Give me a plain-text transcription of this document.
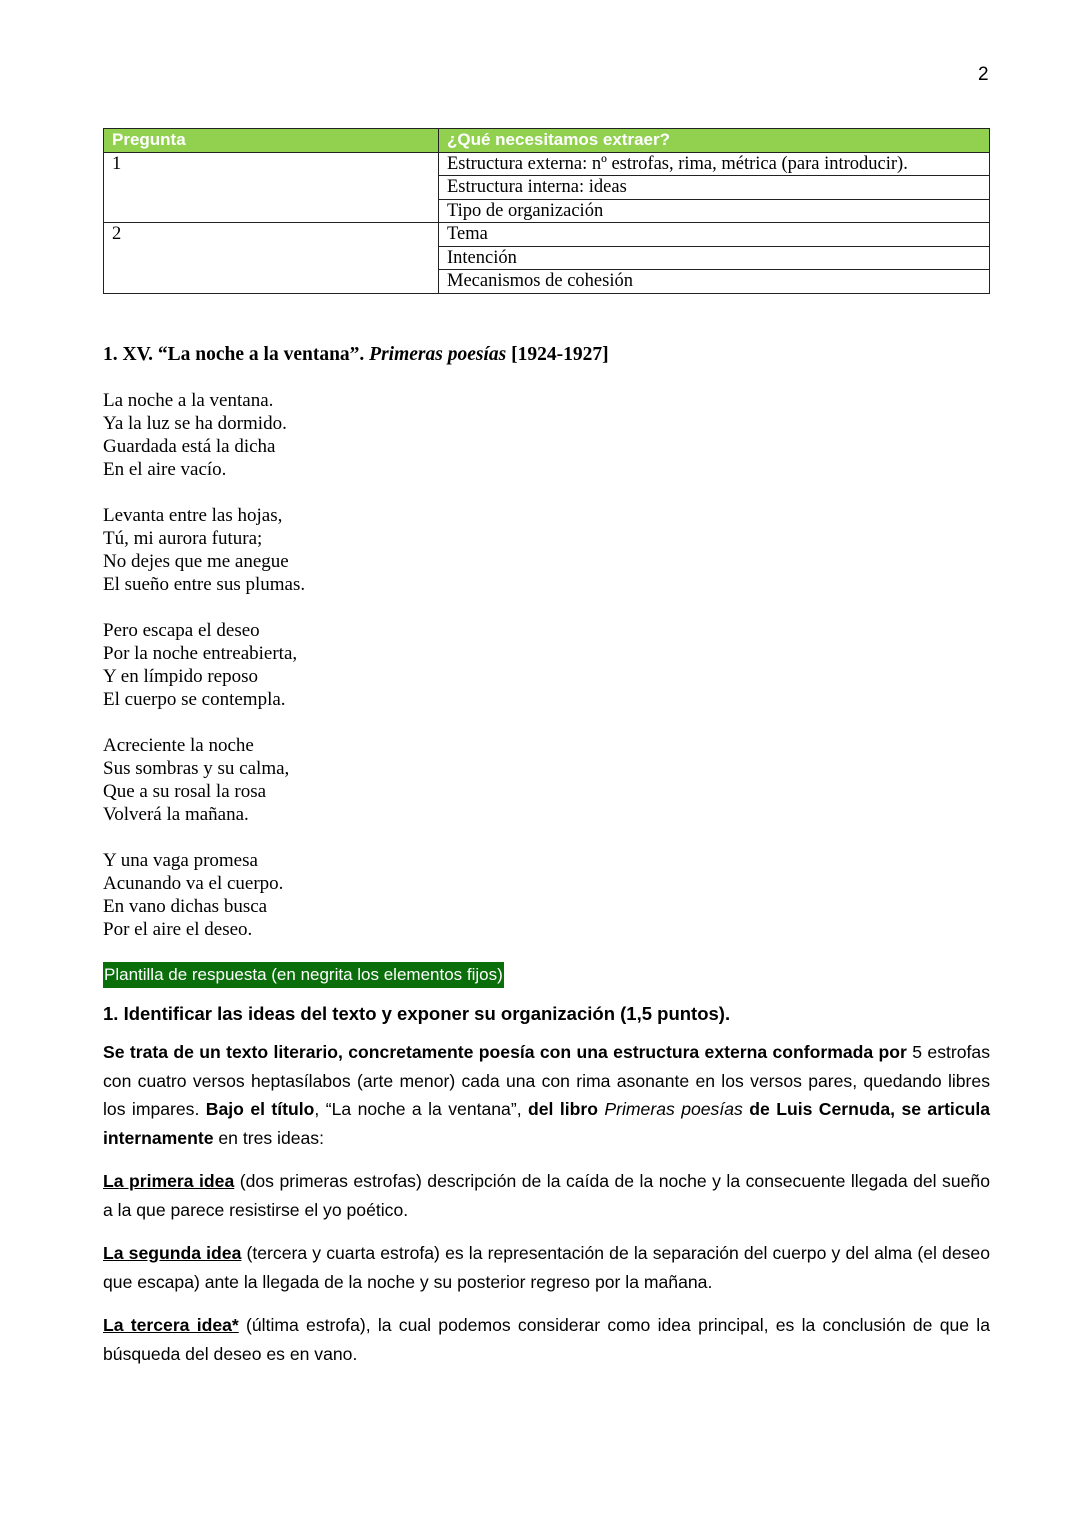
2
Pregunta	¿Qué necesitamos extraer?
1	Estructura externa: nº estrofas, rima, métrica (para introducir).
	Estructura interna: ideas
	Tipo de organización
2	Tema
	Intención
	Mecanismos de cohesión
1. XV. “La noche a la ventana”. Primeras poesías [1924-1927]
La noche a la ventana.
Ya la luz se ha dormido.
Guardada está la dicha
En el aire vacío.
Levanta entre las hojas,
Tú, mi aurora futura;
No dejes que me anegue
El sueño entre sus plumas.
Pero escapa el deseo
Por la noche entreabierta,
Y en límpido reposo
El cuerpo se contempla.
Acreciente la noche
Sus sombras y su calma,
Que a su rosal la rosa
Volverá la mañana.
Y una vaga promesa
Acunando va el cuerpo.
En vano dichas busca
Por el aire el deseo.
Plantilla de respuesta (en negrita los elementos fijos)
1. Identificar las ideas del texto y exponer su organización (1,5 puntos).

Se trata de un texto literario, concretamente poesía con una estructura externa conformada por 5 estrofas con cuatro versos heptasílabos (arte menor) cada una con rima asonante en los versos pares, quedando libres los impares. Bajo el título, “La noche a la ventana”, del libro Primeras poesías de Luis Cernuda, se articula internamente en tres ideas:

La primera idea (dos primeras estrofas) descripción de la caída de la noche y la consecuente llegada del sueño a la que parece resistirse el yo poético.

La segunda idea (tercera y cuarta estrofa) es la representación de la separación del cuerpo y del alma (el deseo que escapa) ante la llegada de la noche y su posterior regreso por la mañana.

La tercera idea* (última estrofa), la cual podemos considerar como idea principal, es la conclusión de que la búsqueda del deseo es en vano.
